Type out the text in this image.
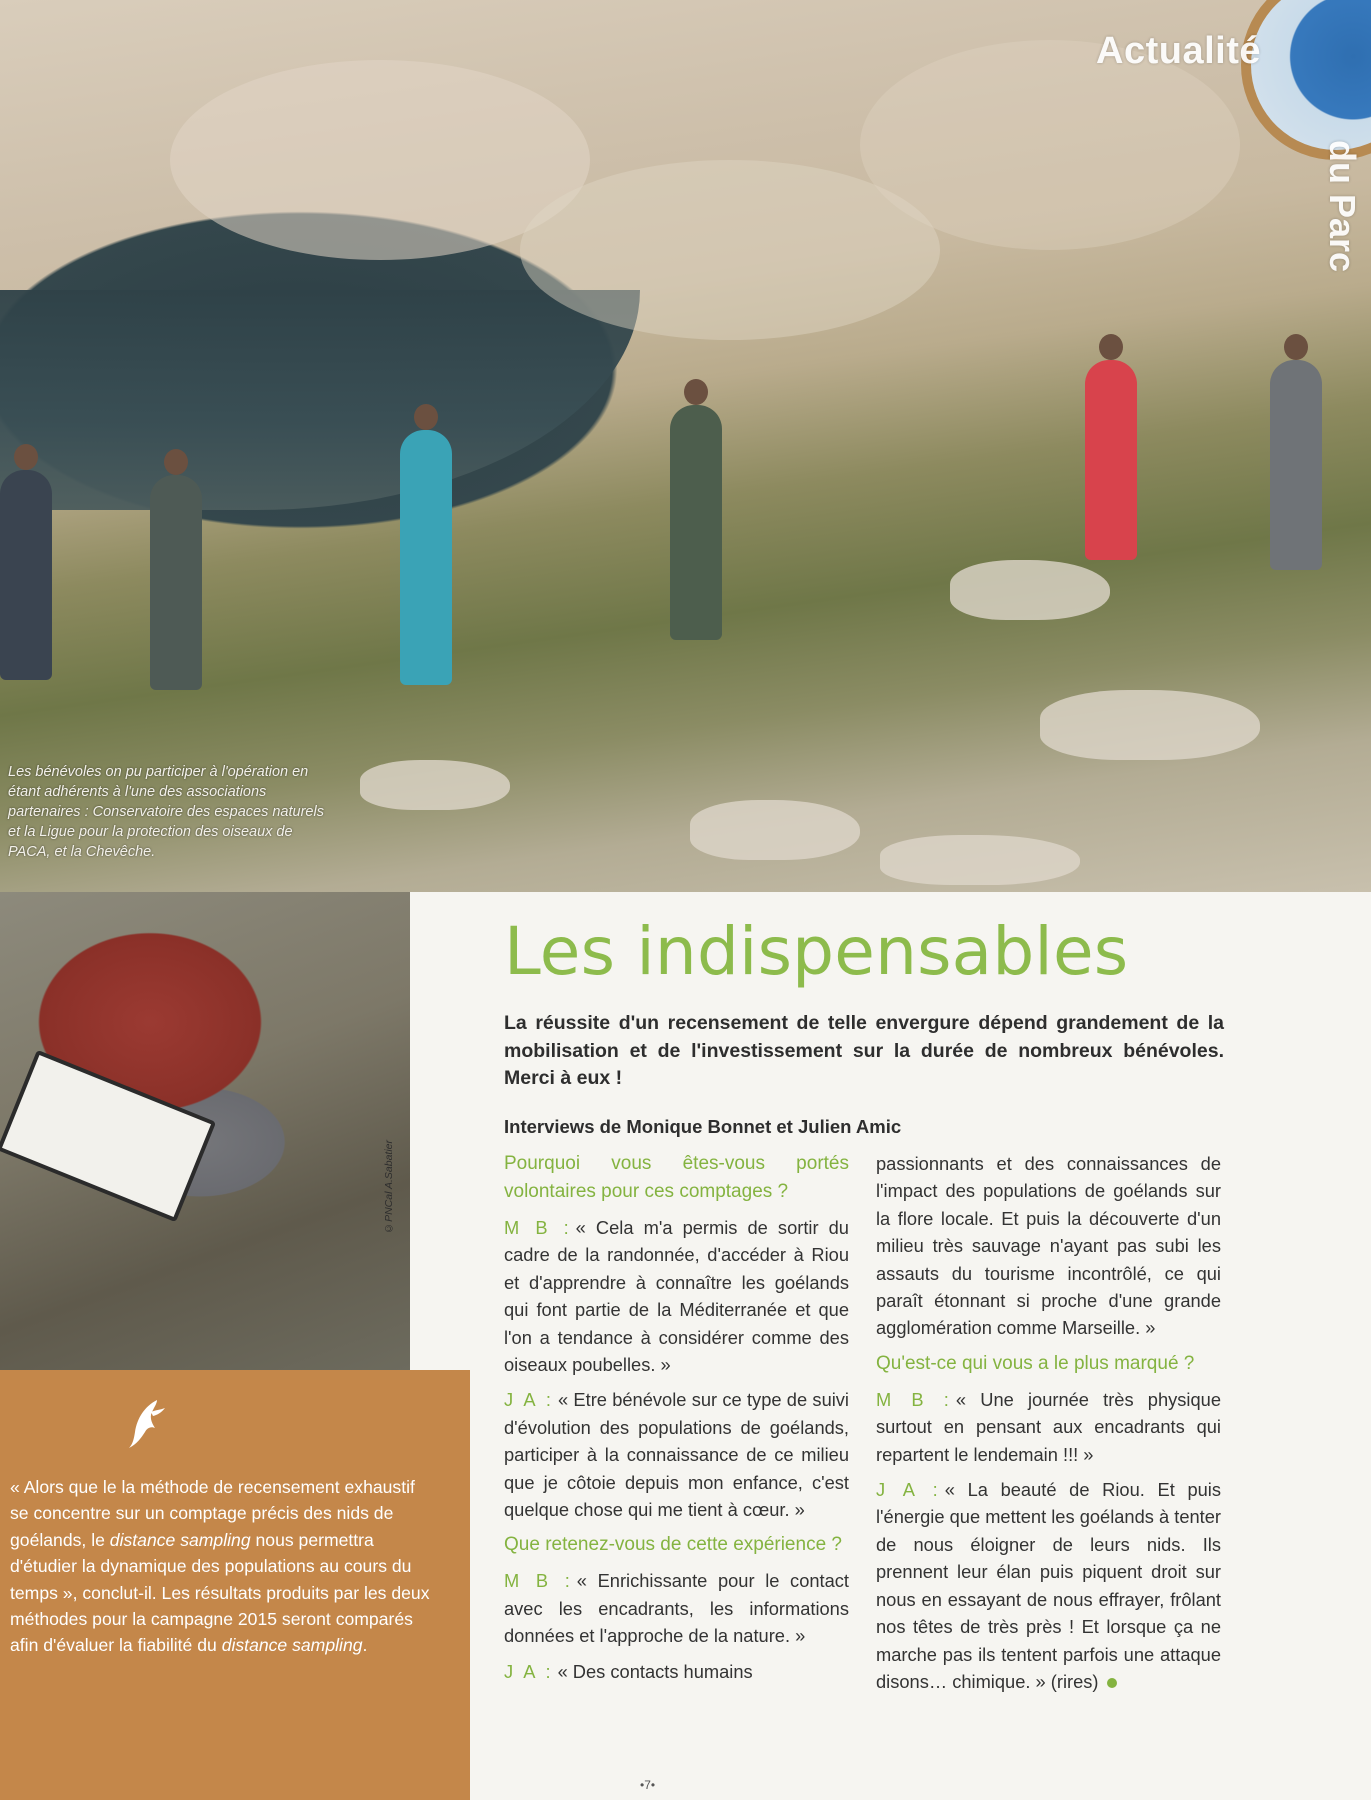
Actualité
du Parc
Les bénévoles on pu participer à l'opération en étant adhérents à l'une des associations partenaires : Conservatoire des espaces naturels et la Ligue pour la protection des oiseaux de PACA, et la Chevêche.
©PNCal A.Sabatier
« Alors que le la méthode de recensement exhaustif se concentre sur un comptage précis des nids de goélands, le distance sampling nous permettra d'étudier la dynamique des populations au cours du temps », conclut-il. Les résultats produits par les deux méthodes pour la campagne 2015 seront comparés afin d'évaluer la fiabilité du distance sampling.
Les indispensables
La réussite d'un recensement de telle envergure dépend grandement de la mobilisation et de l'investissement sur la durée de nombreux bénévoles. Merci à eux !
Interviews de Monique Bonnet et Julien Amic

Pourquoi vous êtes-vous portés volontaires pour ces comptages ?

M B : « Cela m'a permis de sortir du cadre de la randonnée, d'accéder à Riou et d'apprendre à connaître les goélands qui font partie de la Méditerranée et que l'on a tendance à considérer comme des oiseaux poubelles. »

J A : « Etre bénévole sur ce type de suivi d'évolution des populations de goélands, participer à la connaissance de ce milieu que je côtoie depuis mon enfance, c'est quelque chose qui me tient à cœur. »

Que retenez-vous de cette expérience ?

M B : « Enrichissante pour le contact avec les encadrants, les informations données et l'approche de la nature. »

J A : « Des contacts humains

passionnants et des connaissances de l'impact des populations de goélands sur la flore locale. Et puis la découverte d'un milieu très sauvage n'ayant pas subi les assauts du tourisme incontrôlé, ce qui paraît étonnant si proche d'une grande agglomération comme Marseille. »

Qu'est-ce qui vous a le plus marqué ?

M B : « Une journée très physique surtout en pensant aux encadrants qui repartent le lendemain !!! »

J A : « La beauté de Riou. Et puis l'énergie que mettent les goélands à tenter de nous éloigner de leurs nids. Ils prennent leur élan puis piquent droit sur nous en essayant de nous effrayer, frôlant nos têtes de très près ! Et lorsque ça ne marche pas ils tentent parfois une attaque disons… chimique. » (rires)

•7•
